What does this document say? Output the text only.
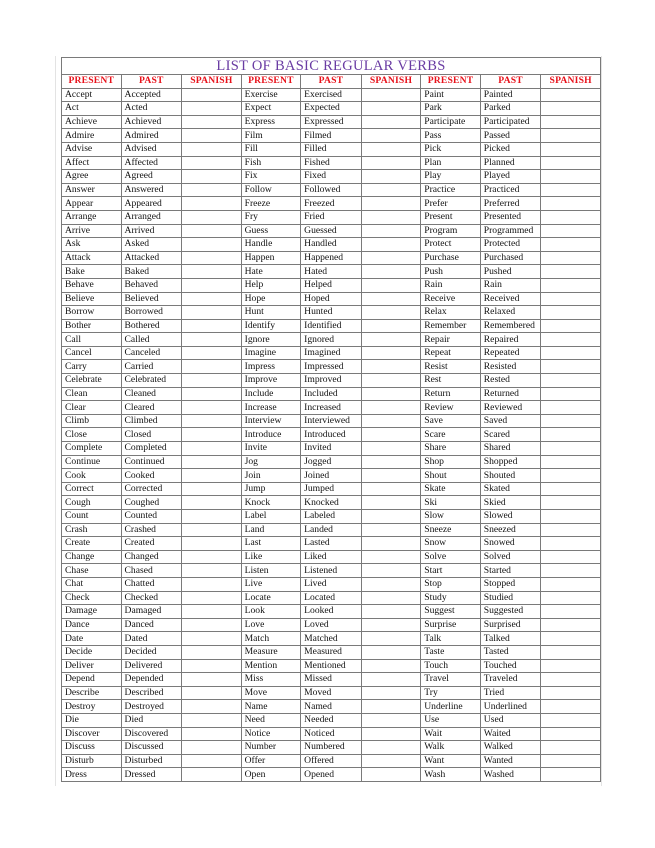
LIST OF BASIC REGULAR VERBS								
PRESENT	PAST	SPANISH	PRESENT	PAST	SPANISH	PRESENT	PAST	SPANISH
Accept	Accepted		Exercise	Exercised		Paint	Painted	
Act	Acted		Expect	Expected		Park	Parked	
Achieve	Achieved		Express	Expressed		Participate	Participated	
Admire	Admired		Film	Filmed		Pass	Passed	
Advise	Advised		Fill	Filled		Pick	Picked	
Affect	Affected		Fish	Fished		Plan	Planned	
Agree	Agreed		Fix	Fixed		Play	Played	
Answer	Answered		Follow	Followed		Practice	Practiced	
Appear	Appeared		Freeze	Freezed		Prefer	Preferred	
Arrange	Arranged		Fry	Fried		Present	Presented	
Arrive	Arrived		Guess	Guessed		Program	Programmed	
Ask	Asked		Handle	Handled		Protect	Protected	
Attack	Attacked		Happen	Happened		Purchase	Purchased	
Bake	Baked		Hate	Hated		Push	Pushed	
Behave	Behaved		Help	Helped		Rain	Rain	
Believe	Believed		Hope	Hoped		Receive	Received	
Borrow	Borrowed		Hunt	Hunted		Relax	Relaxed	
Bother	Bothered		Identify	Identified		Remember	Remembered	
Call	Called		Ignore	Ignored		Repair	Repaired	
Cancel	Canceled		Imagine	Imagined		Repeat	Repeated	
Carry	Carried		Impress	Impressed		Resist	Resisted	
Celebrate	Celebrated		Improve	Improved		Rest	Rested	
Clean	Cleaned		Include	Included		Return	Returned	
Clear	Cleared		Increase	Increased		Review	Reviewed	
Climb	Climbed		Interview	Interviewed		Save	Saved	
Close	Closed		Introduce	Introduced		Scare	Scared	
Complete	Completed		Invite	Invited		Share	Shared	
Continue	Continued		Jog	Jogged		Shop	Shopped	
Cook	Cooked		Join	Joined		Shout	Shouted	
Correct	Corrected		Jump	Jumped		Skate	Skated	
Cough	Coughed		Knock	Knocked		Ski	Skied	
Count	Counted		Label	Labeled		Slow	Slowed	
Crash	Crashed		Land	Landed		Sneeze	Sneezed	
Create	Created		Last	Lasted		Snow	Snowed	
Change	Changed		Like	Liked		Solve	Solved	
Chase	Chased		Listen	Listened		Start	Started	
Chat	Chatted		Live	Lived		Stop	Stopped	
Check	Checked		Locate	Located		Study	Studied	
Damage	Damaged		Look	Looked		Suggest	Suggested	
Dance	Danced		Love	Loved		Surprise	Surprised	
Date	Dated		Match	Matched		Talk	Talked	
Decide	Decided		Measure	Measured		Taste	Tasted	
Deliver	Delivered		Mention	Mentioned		Touch	Touched	
Depend	Depended		Miss	Missed		Travel	Traveled	
Describe	Described		Move	Moved		Try	Tried	
Destroy	Destroyed		Name	Named		Underline	Underlined	
Die	Died		Need	Needed		Use	Used	
Discover	Discovered		Notice	Noticed		Wait	Waited	
Discuss	Discussed		Number	Numbered		Walk	Walked	
Disturb	Disturbed		Offer	Offered		Want	Wanted	
Dress	Dressed		Open	Opened		Wash	Washed	
